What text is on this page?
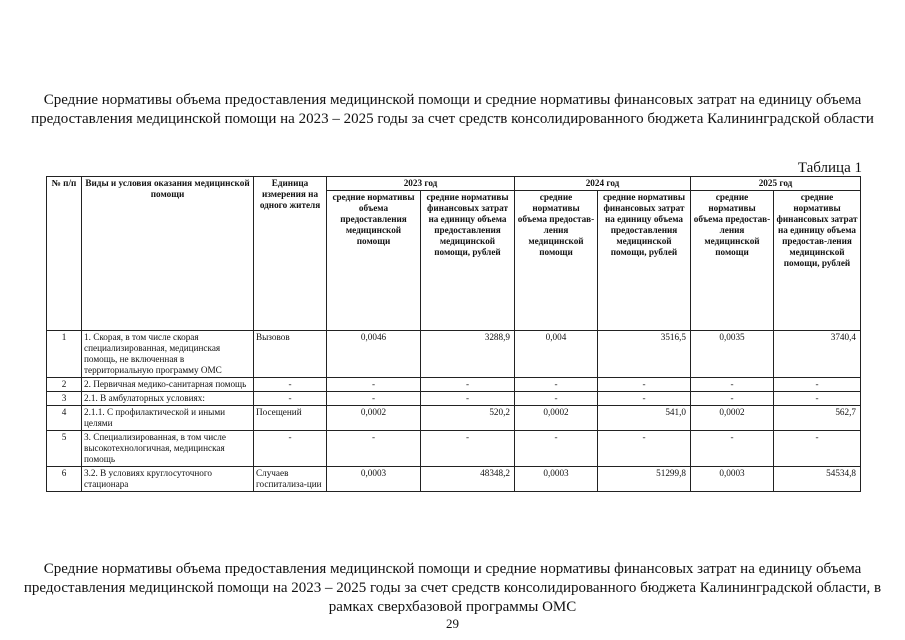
Средние нормативы объема предоставления медицинской помощи и средние нормативы финансовых затрат на единицу объема предоставления медицинской помощи на 2023 – 2025 годы за счет средств консолидированного бюджета Калининградской области
Таблица 1
№ п/п	Виды и условия оказания медицинской помощи	Единица измерения на одного жителя	2023 год		2024 год		2025 год	
			средние нормативы объема предоставления медицинской помощи	средние нормативы финансовых затрат на единицу объема предоставления медицинской помощи, рублей	средние нормативы объема предостав-ления медицинской помощи	средние нормативы финансовых затрат на единицу объема предоставления медицинской помощи, рублей	средние нормативы объема предостав-ления медицинской помощи	средние нормативы финансовых затрат на единицу объема предостав-ления медицинской помощи, рублей
1	1. Скорая, в том числе скорая специализированная, медицинская помощь, не включенная в территориальную программу ОМС	Вызовов	0,0046	3288,9	0,004	3516,5	0,0035	3740,4
2	2. Первичная медико-санитарная помощь	-	-	-	-	-	-	-
3	2.1. В амбулаторных условиях:	-	-	-	-	-	-	-
4	2.1.1. С профилактической и иными целями	Посещений	0,0002	520,2	0,0002	541,0	0,0002	562,7
5	3. Специализированная, в том числе высокотехнологичная, медицинская помощь	-	-	-	-	-	-	-
6	3.2. В условиях круглосуточного стационара	Случаев госпитализа-ции	0,0003	48348,2	0,0003	51299,8	0,0003	54534,8
Средние нормативы объема предоставления медицинской помощи и средние нормативы финансовых затрат на единицу объема предоставления медицинской помощи на 2023 – 2025 годы за счет средств консолидированного бюджета Калининградской области, в рамках сверхбазовой программы ОМС
29
